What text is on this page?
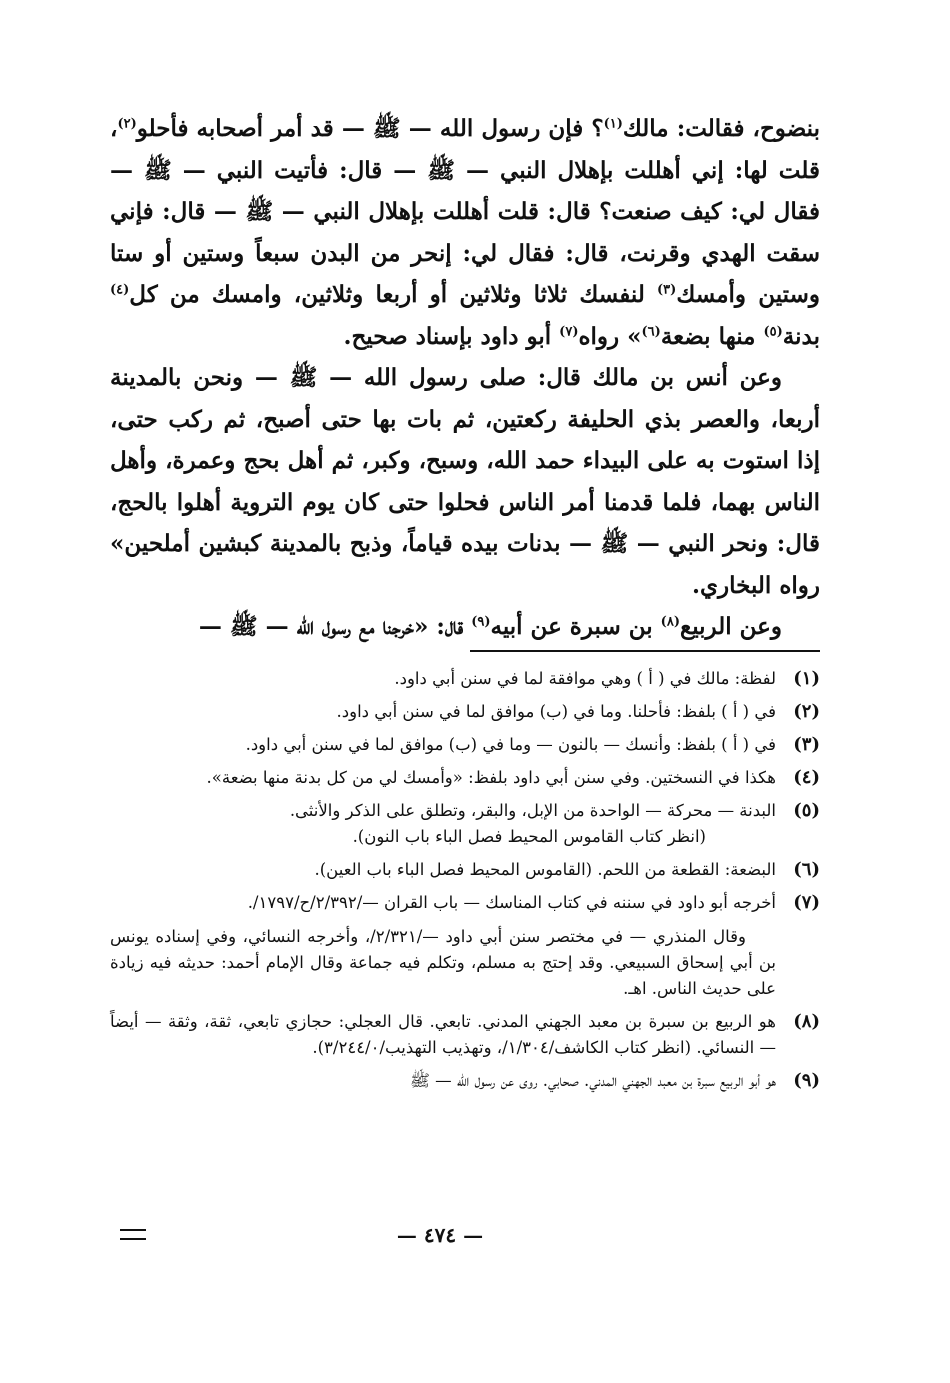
بنضوح، فقالت: مالك$^{(١)}$؟ فإن رسول الله — ﷺ — قد أمر أصحابه فأحلو$^{(٢)}$، قلت لها: إني أهللت بإهلال النبي — ﷺ — قال: فأتيت النبي — ﷺ — فقال لي: كيف صنعت؟ قال: قلت أهللت بإهلال النبي — ﷺ — قال: فإني سقت الهدي وقرنت، قال: فقال لي: إنحر من البدن سبعاً وستين أو ستا وستين وأمسك$^{(٣)}$ لنفسك ثلاثا وثلاثين أو أربعا وثلاثين، وامسك من كل$^{(٤)}$ بدنة$^{(٥)}$ منها بضعة$^{(٦)}$» رواه$^{(٧)}$ أبو داود بإسناد صحيح.

وعن أنس بن مالك قال: صلى رسول الله — ﷺ — ونحن بالمدينة أربعا، والعصر بذي الحليفة ركعتين، ثم بات بها حتى أصبح، ثم ركب حتى، إذا استوت به على البيداء حمد الله، وسبح، وكبر، ثم أهل بحج وعمرة، وأهل الناس بهما، فلما قدمنا أمر الناس فحلوا حتى كان يوم التروية أهلوا بالحج، قال: ونحر النبي — ﷺ — بدنات بيده قياماً، وذبح بالمدينة كبشين أملحين» رواه البخاري.

وعن الربيع$^{(٨)}$ بن سبرة عن أبيه$^{(٩)}$ قال: «خرجنا مع رسول الله — ﷺ —

(١)
لفظة: مالك في ( أ ) وهي موافقة لما في سنن أبي داود.
(٢)
في ( أ ) بلفظ: فأحلنا. وما في (ب) موافق لما في سنن أبي داود.
(٣)
في ( أ ) بلفظ: وأنسك — بالنون — وما في (ب) موافق لما في سنن أبي داود.
(٤)
هكذا في النسختين. وفي سنن أبي داود بلفظ: «وأمسك لي من كل بدنة منها بضعة».
(٥)
البدنة — محركة — الواحدة من الإبل، والبقر، وتطلق على الذكر والأنثى.
(انظر كتاب القاموس المحيط فصل الباء باب النون).
(٦)
البضعة: القطعة من اللحم. (القاموس المحيط فصل الباء باب العين).
(٧)
أخرجه أبو داود في سننه في كتاب المناسك — باب القران —/٢/٣٩٢/ح/١٧٩٧/.
وقال المنذري — في مختصر سنن أبي داود —/٢/٣٢١/، وأخرجه النسائي، وفي إسناده يونس بن أبي إسحاق السبيعي. وقد إحتج به مسلم، وتكلم فيه جماعة وقال الإمام أحمد: حديثه فيه زيادة على حديث الناس. اهـ.
(٨)
هو الربيع بن سبرة بن معبد الجهني المدني. تابعي. قال العجلي: حجازي تابعي، ثقة، وثقة — أيضاً — النسائي. (انظر كتاب الكاشف/١/٣٠٤/، وتهذيب التهذيب/٣/٢٤٤/٠).
(٩)
هو أبو الربيع سبرة بن معبد الجهني المدني. صحابي. روى عن رسول الله — ﷺ
— ٤٧٤ —
